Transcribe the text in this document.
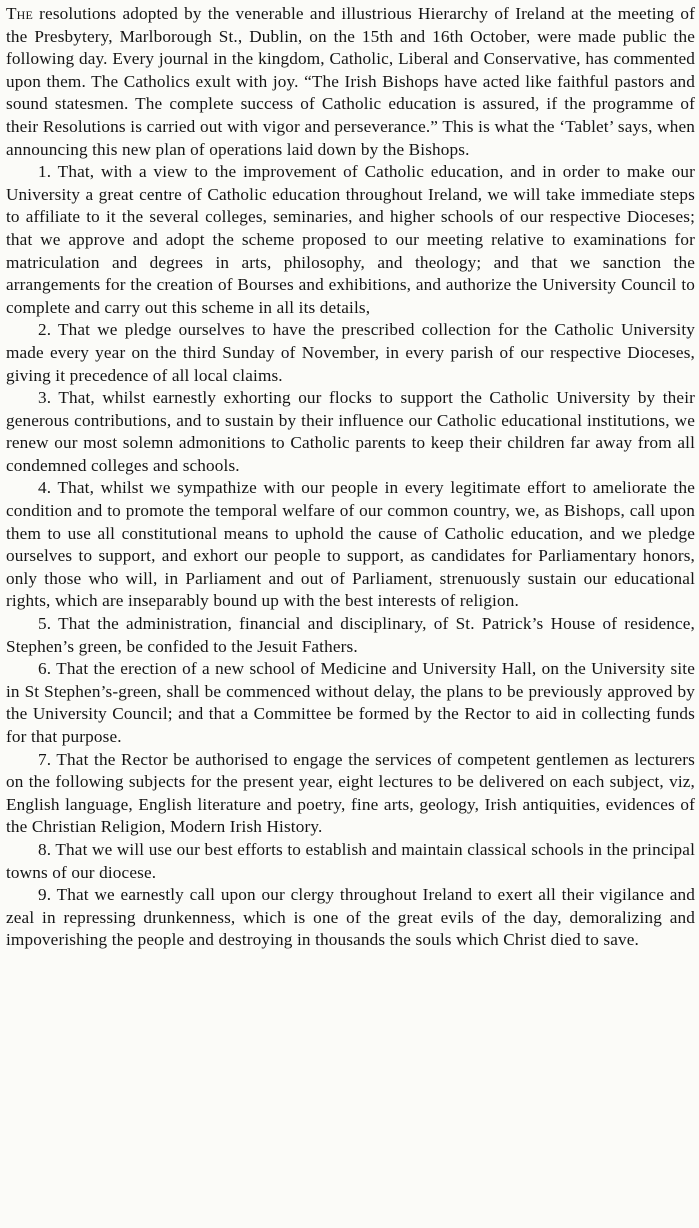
The resolutions adopted by the venerable and illustrious Hierarchy of Ireland at the meeting of the Presbytery, Marlborough St., Dublin, on the 15th and 16th October, were made public the following day. Every journal in the kingdom, Catholic, Liberal and Conservative, has commented upon them. The Catholics exult with joy. “The Irish Bishops have acted like faithful pastors and sound statesmen. The complete success of Catholic education is assured, if the programme of their Resolutions is carried out with vigor and perseverance.” This is what the ‘Tablet’ says, when announcing this new plan of operations laid down by the Bishops.

1. That, with a view to the improvement of Catholic education, and in order to make our University a great centre of Catholic education throughout Ireland, we will take immediate steps to affiliate to it the several colleges, seminaries, and higher schools of our respective Dioceses; that we approve and adopt the scheme proposed to our meeting relative to examinations for matriculation and degrees in arts, philosophy, and theology; and that we sanction the arrangements for the creation of Bourses and exhibitions, and authorize the University Council to complete and carry out this scheme in all its details,

2. That we pledge ourselves to have the prescribed collection for the Catholic University made every year on the third Sunday of November, in every parish of our respective Dioceses, giving it precedence of all local claims.

3. That, whilst earnestly exhorting our flocks to support the Catholic University by their generous contributions, and to sustain by their influence our Catholic educational institutions, we renew our most solemn admonitions to Catholic parents to keep their children far away from all condemned colleges and schools.

4. That, whilst we sympathize with our people in every legitimate effort to ameliorate the condition and to promote the temporal welfare of our common country, we, as Bishops, call upon them to use all constitutional means to uphold the cause of Catholic education, and we pledge ourselves to support, and exhort our people to support, as candidates for Parliamentary honors, only those who will, in Parliament and out of Parliament, strenuously sustain our educational rights, which are inseparably bound up with the best interests of religion.

5. That the administration, financial and disciplinary, of St. Patrick’s House of residence, Stephen’s green, be confided to the Jesuit Fathers.

6. That the erection of a new school of Medicine and University Hall, on the University site in St Stephen’s-green, shall be commenced without delay, the plans to be previously approved by the University Council; and that a Committee be formed by the Rector to aid in collecting funds for that purpose.

7. That the Rector be authorised to engage the services of competent gentlemen as lecturers on the following subjects for the present year, eight lectures to be delivered on each subject, viz, English language, English literature and poetry, fine arts, geology, Irish antiquities, evidences of the Christian Religion, Modern Irish History.

8. That we will use our best efforts to establish and maintain classical schools in the principal towns of our diocese.

9. That we earnestly call upon our clergy throughout Ireland to exert all their vigilance and zeal in repressing drunkenness, which is one of the great evils of the day, demoralizing and impoverishing the people and destroying in thousands the souls which Christ died to save.
